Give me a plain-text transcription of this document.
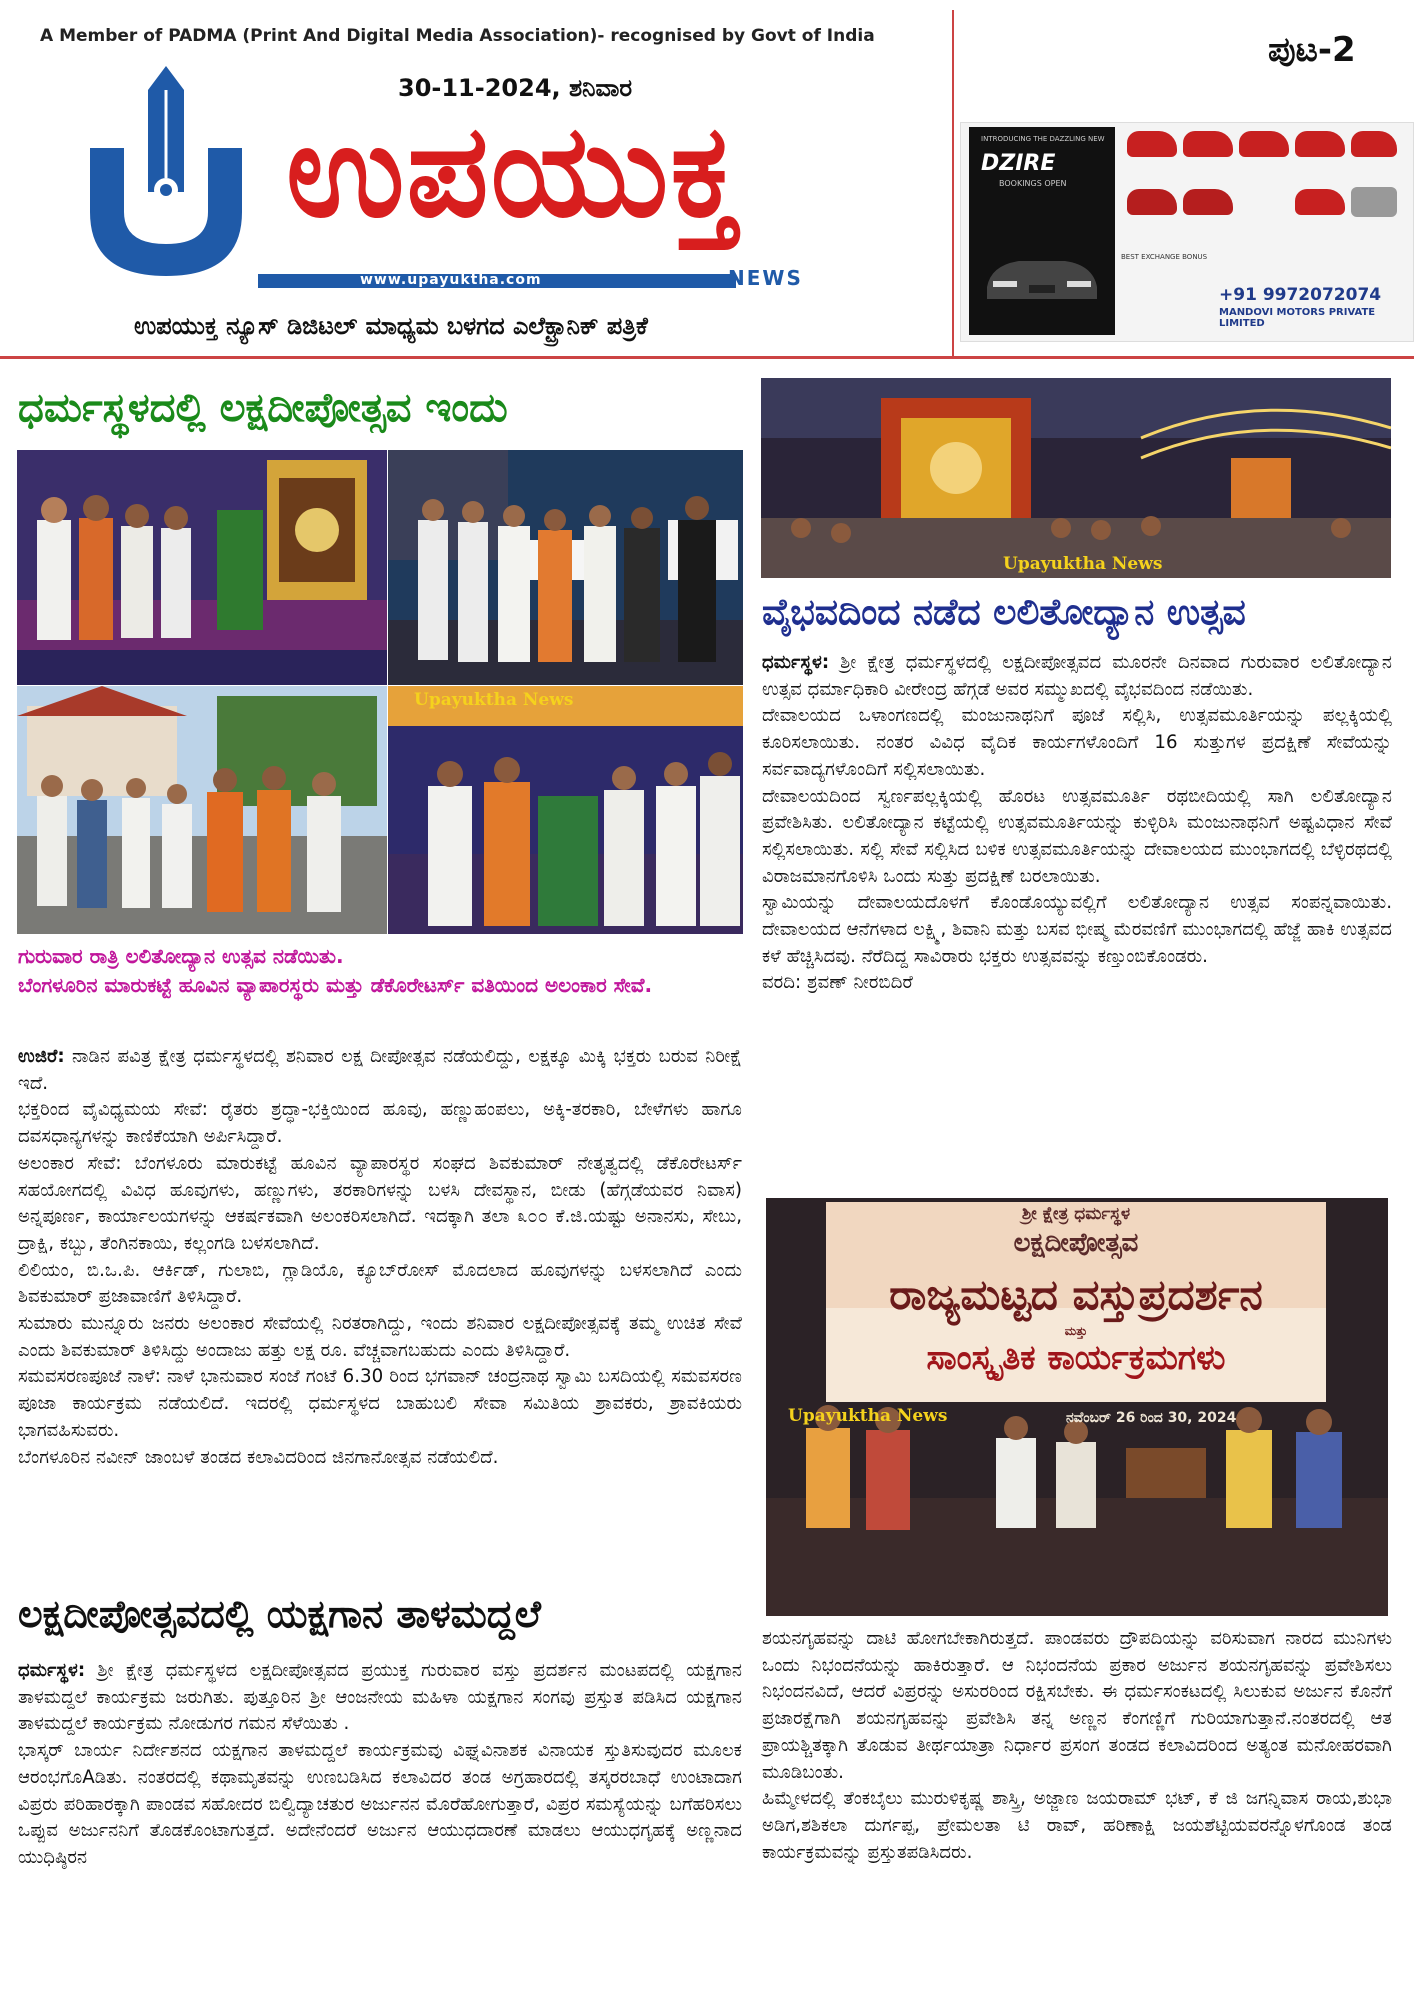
A Member of PADMA (Print And Digital Media Association)- recognised by Govt of India	ಪುಟ-2
30-11-2024, ಶನಿವಾರ
ಉಪಯುಕ್ತ
www.upayuktha.com	NEWS
ಉಪಯುಕ್ತ ನ್ಯೂಸ್ ಡಿಜಿಟಲ್ ಮಾಧ್ಯಮ ಬಳಗದ ಎಲೆಕ್ಟ್ರಾನಿಕ್ ಪತ್ರಿಕೆ
INTRODUCING THE DAZZLING NEW
DZIRE
BOOKINGS OPEN
BEST EXCHANGE BONUS
+91 9972072074
MANDOVI MOTORS PRIVATE LIMITED
ಧರ್ಮಸ್ಥಳದಲ್ಲಿ ಲಕ್ಷದೀಪೋತ್ಸವ ಇಂದು
Upayuktha News
ಗುರುವಾರ ರಾತ್ರಿ ಲಲಿತೋದ್ಯಾನ ಉತ್ಸವ ನಡೆಯಿತು.
ಬೆಂಗಳೂರಿನ ಮಾರುಕಟ್ಟೆ ಹೂವಿನ ವ್ಯಾಪಾರಸ್ಥರು ಮತ್ತು ಡೆಕೊರೇಟರ್ಸ್ ವತಿಯಿಂದ ಅಲಂಕಾರ ಸೇವೆ.

ಉಜಿರೆ: ನಾಡಿನ ಪವಿತ್ರ ಕ್ಷೇತ್ರ ಧರ್ಮಸ್ಥಳದಲ್ಲಿ ಶನಿವಾರ ಲಕ್ಷ ದೀಪೋತ್ಸವ ನಡೆಯಲಿದ್ದು, ಲಕ್ಷಕ್ಕೂ ಮಿಕ್ಕಿ ಭಕ್ತರು ಬರುವ ನಿರೀಕ್ಷೆ ಇದೆ.

ಭಕ್ತರಿಂದ ವೈವಿಧ್ಯಮಯ ಸೇವೆ: ರೈತರು ಶ್ರದ್ಧಾ-ಭಕ್ತಿಯಿಂದ ಹೂವು, ಹಣ್ಣುಹಂಪಲು, ಅಕ್ಕಿ-ತರಕಾರಿ, ಬೇಳೆಗಳು ಹಾಗೂ ದವಸಧಾನ್ಯಗಳನ್ನು ಕಾಣಿಕೆಯಾಗಿ ಅರ್ಪಿಸಿದ್ದಾರೆ.

ಅಲಂಕಾರ ಸೇವೆ: ಬೆಂಗಳೂರು ಮಾರುಕಟ್ಟೆ ಹೂವಿನ ವ್ಯಾಪಾರಸ್ಥರ ಸಂಘದ ಶಿವಕುಮಾರ್ ನೇತೃತ್ವದಲ್ಲಿ ಡೆಕೊರೇಟರ್ಸ್ ಸಹಯೋಗದಲ್ಲಿ ವಿವಿಧ ಹೂವುಗಳು, ಹಣ್ಣುಗಳು, ತರಕಾರಿಗಳನ್ನು ಬಳಸಿ ದೇವಸ್ಥಾನ, ಬೀಡು (ಹೆಗ್ಗಡೆಯವರ ನಿವಾಸ) ಅನ್ನಪೂರ್ಣ, ಕಾರ್ಯಾಲಯಗಳನ್ನು ಆಕರ್ಷಕವಾಗಿ ಅಲಂಕರಿಸಲಾಗಿದೆ. ಇದಕ್ಕಾಗಿ ತಲಾ ೩೦೦ ಕೆ.ಜಿ.ಯಷ್ಟು ಅನಾನಸು, ಸೇಬು, ದ್ರಾಕ್ಷಿ, ಕಬ್ಬು, ತೆಂಗಿನಕಾಯಿ, ಕಲ್ಲಂಗಡಿ ಬಳಸಲಾಗಿದೆ.

ಲಿಲಿಯಂ, ಬಿ.ಒ.ಪಿ. ಆರ್ಕಿಡ್, ಗುಲಾಬಿ, ಗ್ಲಾಡಿಯೊ, ಕ್ಯೂಬ್‌ರೋಸ್ ಮೊದಲಾದ ಹೂವುಗಳನ್ನು ಬಳಸಲಾಗಿದೆ ಎಂದು ಶಿವಕುಮಾರ್ ಪ್ರಜಾವಾಣಿಗೆ ತಿಳಿಸಿದ್ದಾರೆ.

ಸುಮಾರು ಮುನ್ನೂರು ಜನರು ಅಲಂಕಾರ ಸೇವೆಯಲ್ಲಿ ನಿರತರಾಗಿದ್ದು, ಇಂದು ಶನಿವಾರ ಲಕ್ಷದೀಪೋತ್ಸವಕ್ಕೆ ತಮ್ಮ ಉಚಿತ ಸೇವೆ ಎಂದು ಶಿವಕುಮಾರ್ ತಿಳಿಸಿದ್ದು ಅಂದಾಜು ಹತ್ತು ಲಕ್ಷ ರೂ. ವೆಚ್ಚವಾಗಬಹುದು ಎಂದು ತಿಳಿಸಿದ್ದಾರೆ.

ಸಮವಸರಣಪೂಜೆ ನಾಳೆ: ನಾಳೆ ಭಾನುವಾರ ಸಂಜೆ ಗಂಟೆ 6.30 ರಿಂದ ಭಗವಾನ್ ಚಂದ್ರನಾಥ ಸ್ವಾಮಿ ಬಸದಿಯಲ್ಲಿ ಸಮವಸರಣ ಪೂಜಾ ಕಾರ್ಯಕ್ರಮ ನಡೆಯಲಿದೆ. ಇದರಲ್ಲಿ ಧರ್ಮಸ್ಥಳದ ಬಾಹುಬಲಿ ಸೇವಾ ಸಮಿತಿಯ ಶ್ರಾವಕರು, ಶ್ರಾವಕಿಯರು ಭಾಗವಹಿಸುವರು.

ಬೆಂಗಳೂರಿನ ನವೀನ್ ಜಾಂಬಳೆ ತಂಡದ ಕಲಾವಿದರಿಂದ ಜಿನಗಾನೋತ್ಸವ ನಡೆಯಲಿದೆ.

ಲಕ್ಷದೀಪೋತ್ಸವದಲ್ಲಿ ಯಕ್ಷಗಾನ ತಾಳಮದ್ದಲೆ

ಧರ್ಮಸ್ಥಳ: ಶ್ರೀ ಕ್ಷೇತ್ರ ಧರ್ಮಸ್ಥಳದ ಲಕ್ಷದೀಪೋತ್ಸವದ ಪ್ರಯುಕ್ತ ಗುರುವಾರ ವಸ್ತು ಪ್ರದರ್ಶನ ಮಂಟಪದಲ್ಲಿ ಯಕ್ಷಗಾನ ತಾಳಮದ್ದಲೆ ಕಾರ್ಯಕ್ರಮ ಜರುಗಿತು. ಪುತ್ತೂರಿನ ಶ್ರೀ ಆಂಜನೇಯ ಮಹಿಳಾ ಯಕ್ಷಗಾನ ಸಂಗವು ಪ್ರಸ್ತುತ ಪಡಿಸಿದ ಯಕ್ಷಗಾನ ತಾಳಮದ್ದಲೆ ಕಾರ್ಯಕ್ರಮ ನೋಡುಗರ ಗಮನ ಸೆಳೆಯಿತು .

ಭಾಸ್ಕರ್ ಬಾರ್ಯ ನಿರ್ದೇಶನದ ಯಕ್ಷಗಾನ ತಾಳಮದ್ದಲೆ ಕಾರ್ಯಕ್ರಮವು ವಿಘ್ನವಿನಾಶಕ ವಿನಾಯಕ ಸ್ತುತಿಸುವುದರ ಮೂಲಕ ಆರಂಭಗೊAಡಿತು. ನಂತರದಲ್ಲಿ ಕಥಾಮೃತವನ್ನು ಉಣಬಡಿಸಿದ ಕಲಾವಿದರ ತಂಡ ಅಗ್ರಹಾರದಲ್ಲಿ ತಸ್ಕರರಬಾಧೆ ಉಂಟಾದಾಗ ವಿಪ್ರರು ಪರಿಹಾರಕ್ಕಾಗಿ ಪಾಂಡವ ಸಹೋದರ ಬಿಲ್ವಿದ್ಯಾಚತುರ ಅರ್ಜುನನ ಮೊರೆಹೋಗುತ್ತಾರೆ, ವಿಪ್ರರ ಸಮಸ್ಯೆಯನ್ನು ಬಗೆಹರಿಸಲು ಒಪ್ಪುವ ಅರ್ಜುನನಿಗೆ ತೊಡಕೊಂಟಾಗುತ್ತದೆ. ಅದೇನೆಂದರೆ ಅರ್ಜುನ ಆಯುಧದಾರಣೆ ಮಾಡಲು ಆಯುಧಗೃಹಕ್ಕೆ ಅಣ್ಣನಾದ ಯುಧಿಷ್ಠಿರನ

Upayuktha News
ವೈಭವದಿಂದ ನಡೆದ ಲಲಿತೋದ್ಯಾನ ಉತ್ಸವ

ಧರ್ಮಸ್ಥಳ: ಶ್ರೀ ಕ್ಷೇತ್ರ ಧರ್ಮಸ್ಥಳದಲ್ಲಿ ಲಕ್ಷದೀಪೋತ್ಸವದ ಮೂರನೇ ದಿನವಾದ ಗುರುವಾರ ಲಲಿತೋದ್ಯಾನ ಉತ್ಸವ ಧರ್ಮಾಧಿಕಾರಿ ವೀರೇಂದ್ರ ಹೆಗ್ಗಡೆ ಅವರ ಸಮ್ಮುಖದಲ್ಲಿ ವೈಭವದಿಂದ ನಡೆಯಿತು.

ದೇವಾಲಯದ ಒಳಾಂಗಣದಲ್ಲಿ ಮಂಜುನಾಥನಿಗೆ ಪೂಜೆ ಸಲ್ಲಿಸಿ, ಉತ್ಸವಮೂರ್ತಿಯನ್ನು ಪಲ್ಲಕ್ಕಿಯಲ್ಲಿ ಕೂರಿಸಲಾಯಿತು. ನಂತರ ವಿವಿಧ ವೈದಿಕ ಕಾರ್ಯಗಳೊಂದಿಗೆ 16 ಸುತ್ತುಗಳ ಪ್ರದಕ್ಷಿಣೆ ಸೇವೆಯನ್ನು ಸರ್ವವಾದ್ಯಗಳೊಂದಿಗೆ ಸಲ್ಲಿಸಲಾಯಿತು.

ದೇವಾಲಯದಿಂದ ಸ್ವರ್ಣಪಲ್ಲಕ್ಕಿಯಲ್ಲಿ ಹೊರಟ ಉತ್ಸವಮೂರ್ತಿ ರಥಬೀದಿಯಲ್ಲಿ ಸಾಗಿ ಲಲಿತೋದ್ಯಾನ ಪ್ರವೇಶಿಸಿತು. ಲಲಿತೋದ್ಯಾನ ಕಟ್ಟೆಯಲ್ಲಿ ಉತ್ಸವಮೂರ್ತಿಯನ್ನು ಕುಳ್ಳಿರಿಸಿ ಮಂಜುನಾಥನಿಗೆ ಅಷ್ಟವಿಧಾನ ಸೇವೆ ಸಲ್ಲಿಸಲಾಯಿತು. ಸಲ್ಲಿ ಸೇವೆ ಸಲ್ಲಿಸಿದ ಬಳಿಕ ಉತ್ಸವಮೂರ್ತಿಯನ್ನು ದೇವಾಲಯದ ಮುಂಭಾಗದಲ್ಲಿ ಬೆಳ್ಳಿರಥದಲ್ಲಿ ವಿರಾಜಮಾನಗೊಳಿಸಿ ಒಂದು ಸುತ್ತು ಪ್ರದಕ್ಷಿಣೆ ಬರಲಾಯಿತು.

ಸ್ವಾಮಿಯನ್ನು ದೇವಾಲಯದೊಳಗೆ ಕೊಂಡೊಯ್ಯುವಲ್ಲಿಗೆ ಲಲಿತೋದ್ಯಾನ ಉತ್ಸವ ಸಂಪನ್ನವಾಯಿತು. ದೇವಾಲಯದ ಆನೆಗಳಾದ ಲಕ್ಷ್ಮಿ, ಶಿವಾನಿ ಮತ್ತು ಬಸವ ಭೀಷ್ಮ ಮೆರವಣಿಗೆ ಮುಂಭಾಗದಲ್ಲಿ ಹೆಜ್ಜೆ ಹಾಕಿ ಉತ್ಸವದ ಕಳೆ ಹೆಚ್ಚಿಸಿದವು. ನೆರೆದಿದ್ದ ಸಾವಿರಾರು ಭಕ್ತರು ಉತ್ಸವವನ್ನು ಕಣ್ತುಂಬಿಕೊಂಡರು.

ವರದಿ: ಶ್ರವಣ್ ನೀರಬಿದಿರೆ

ಶ್ರೀ ಕ್ಷೇತ್ರ ಧರ್ಮಸ್ಥಳ
ಲಕ್ಷದೀಪೋತ್ಸವ
ರಾಜ್ಯಮಟ್ಟದ ವಸ್ತುಪ್ರದರ್ಶನ
ಮತ್ತು
ಸಾಂಸ್ಕೃತಿಕ ಕಾರ್ಯಕ್ರಮಗಳು
ನವೆಂಬರ್ 26 ರಿಂದ 30, 2024
Upayuktha News

ಶಯನಗೃಹವನ್ನು ದಾಟಿ ಹೋಗಬೇಕಾಗಿರುತ್ತದೆ. ಪಾಂಡವರು ದ್ರೌಪದಿಯನ್ನು ವರಿಸುವಾಗ ನಾರದ ಮುನಿಗಳು ಒಂದು ನಿಭಂದನೆಯನ್ನು ಹಾಕಿರುತ್ತಾರೆ. ಆ ನಿಭಂದನೆಯ ಪ್ರಕಾರ ಅರ್ಜುನ ಶಯನಗೃಹವನ್ನು ಪ್ರವೇಶಿಸಲು ನಿಭಂದನವಿದೆ, ಆದರೆ ವಿಪ್ರರನ್ನು ಅಸುರರಿಂದ ರಕ್ಷಿಸಬೇಕು. ಈ ಧರ್ಮಸಂಕಟದಲ್ಲಿ ಸಿಲುಕುವ ಅರ್ಜುನ ಕೊನೆಗೆ ಪ್ರಜಾರಕ್ಷೆಗಾಗಿ ಶಯನಗೃಹವನ್ನು ಪ್ರವೇಶಿಸಿ ತನ್ನ ಅಣ್ಣನ ಕೆಂಗಣ್ಣಿಗೆ ಗುರಿಯಾಗುತ್ತಾನೆ.ನಂತರದಲ್ಲಿ ಆತ ಪ್ರಾಯಶ್ಚಿತಕ್ಕಾಗಿ ತೊಡುವ ತೀರ್ಥಯಾತ್ರಾ ನಿರ್ಧಾರ ಪ್ರಸಂಗ ತಂಡದ ಕಲಾವಿದರಿಂದ ಅತ್ಯಂತ ಮನೋಹರವಾಗಿ ಮೂಡಿಬಂತು.

ಹಿಮ್ಮೇಳದಲ್ಲಿ ತೆಂಕಬೈಲು ಮುರುಳಿಕೃಷ್ಣ ಶಾಸ್ತ್ರಿ, ಅಜ್ಜಾಣ ಜಯರಾಮ್ ಭಟ್, ಕೆ ಜಿ ಜಗನ್ನಿವಾಸ ರಾಯ,ಶುಭಾ ಅಡಿಗ,ಶಶಿಕಲಾ ದುರ್ಗಪ್ಪ, ಪ್ರೇಮಲತಾ ಟಿ ರಾವ್, ಹರಿಣಾಕ್ಷಿ ಜಯಶೆಟ್ಟಿಯವರನ್ನೊಳಗೊಂಡ ತಂಡ ಕಾರ್ಯಕ್ರಮವನ್ನು ಪ್ರಸ್ತುತಪಡಿಸಿದರು.
